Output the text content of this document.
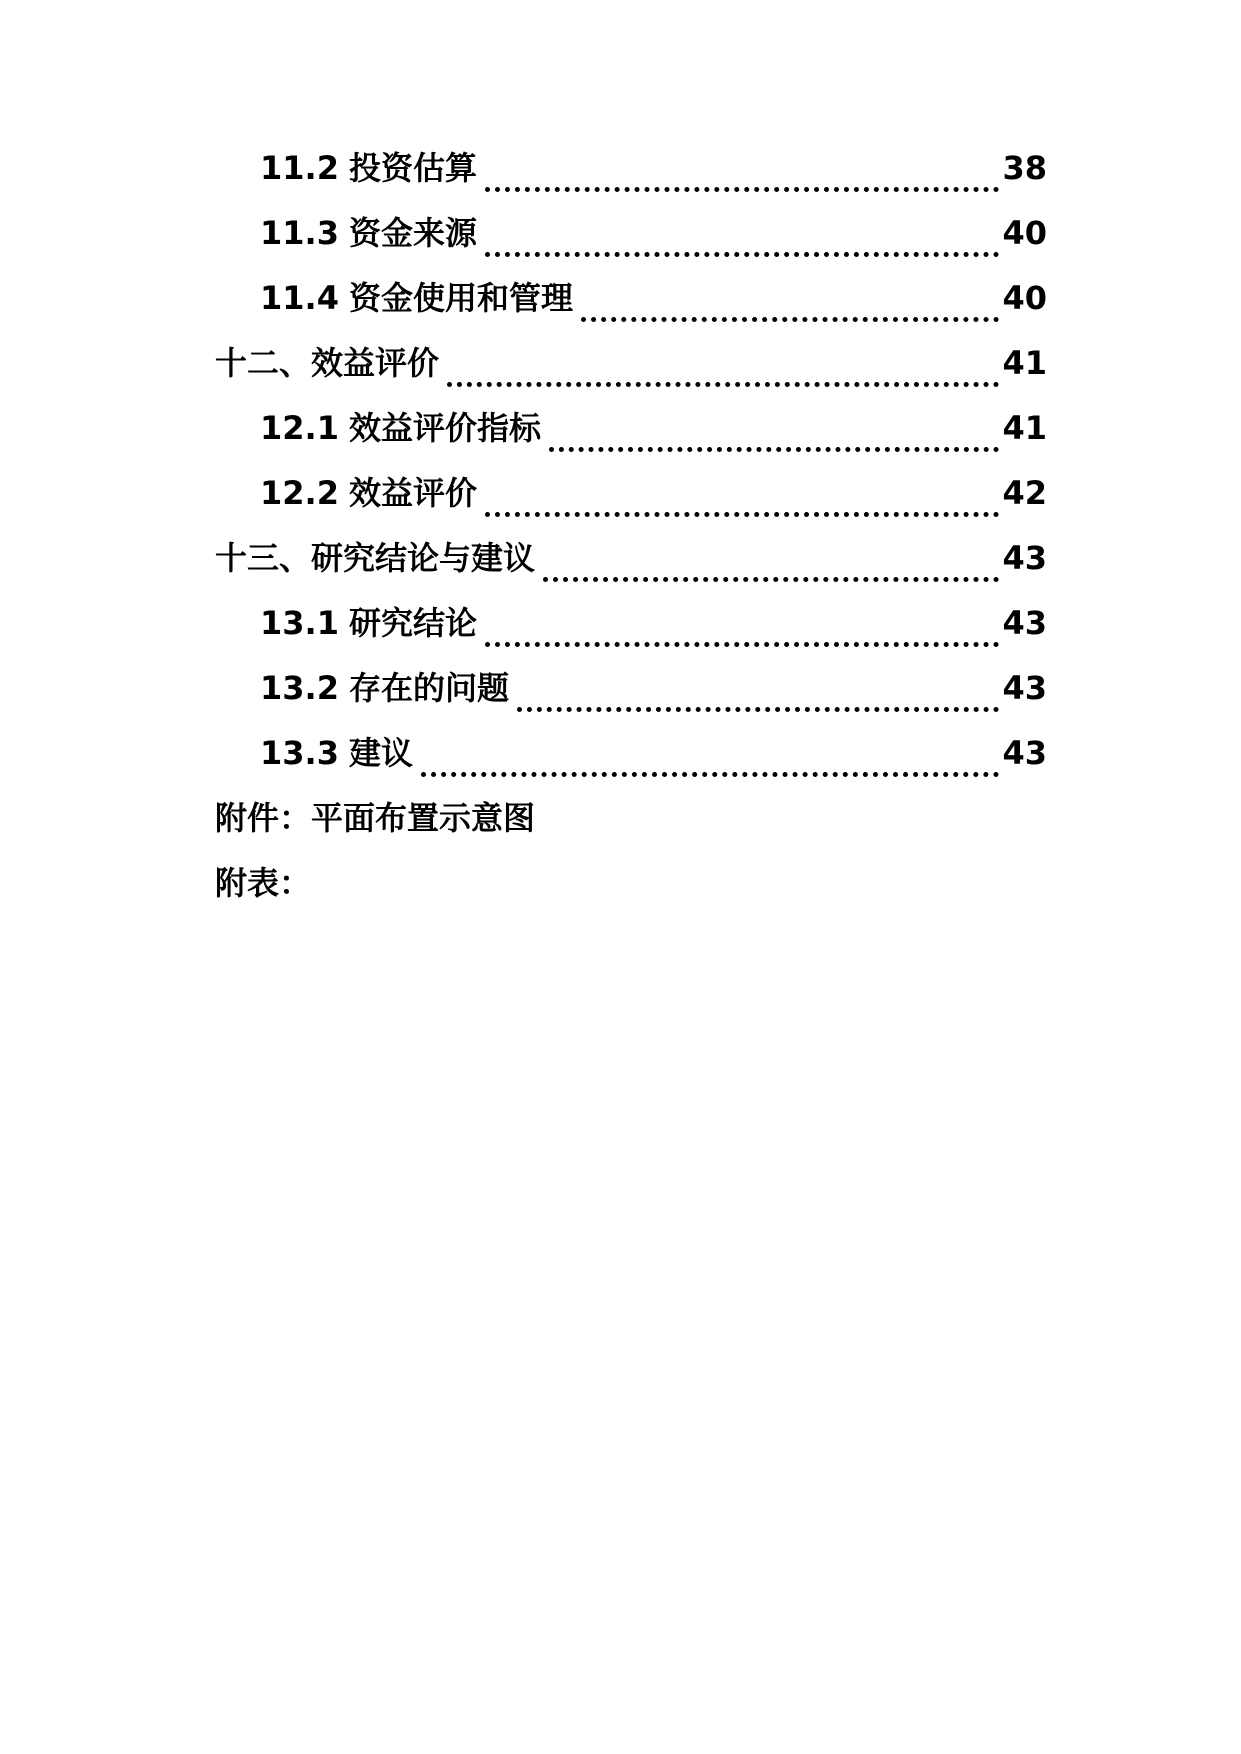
11.2 投资估算	38
11.3 资金来源	40
11.4 资金使用和管理	40
十二、效益评价	41
12.1 效益评价指标	41
12.2 效益评价	42
十三、研究结论与建议	43
13.1 研究结论	43
13.2 存在的问题	43
13.3 建议	43
附件：平面布置示意图
附表：
